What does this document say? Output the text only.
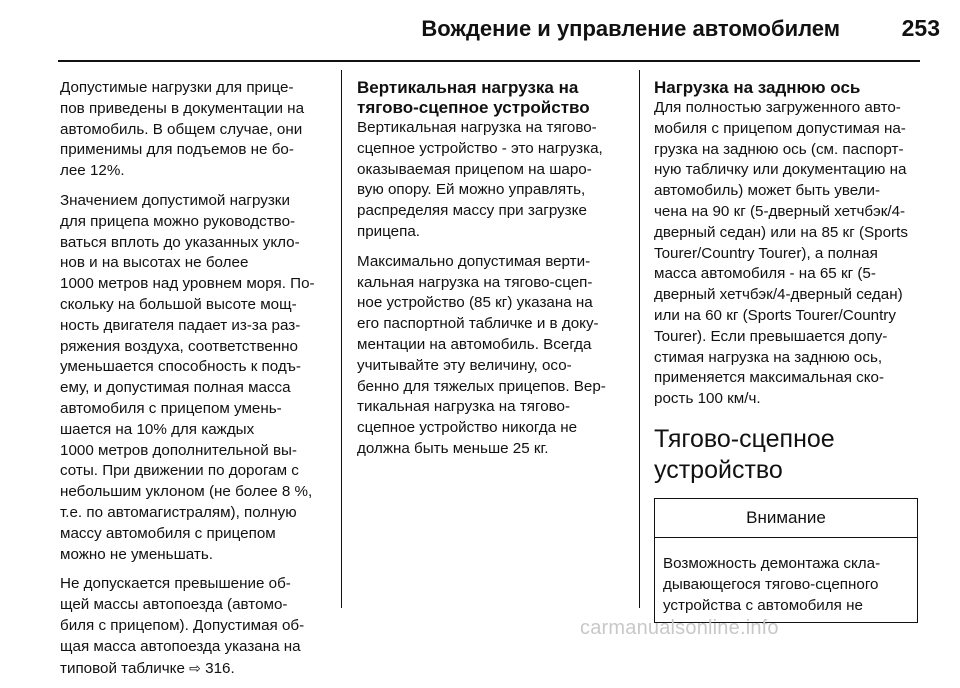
Вождение и управление автомобилем	253

Допустимые нагрузки для прице-
пов приведены в документации на
автомобиль. В общем случае, они
применимы для подъемов не бо-
лее 12%.

Значением допустимой нагрузки
для прицепа можно руководство-
ваться вплоть до указанных укло-
нов и на высотах не более
1000 метров над уровнем моря. По-
скольку на большой высоте мощ-
ность двигателя падает из-за раз-
ряжения воздуха, соответственно
уменьшается способность к подъ-
ему, и допустимая полная масса
автомобиля с прицепом умень-
шается на 10% для каждых
1000 метров дополнительной вы-
соты. При движении по дорогам с
небольшим уклоном (не более 8 %,
т.е. по автомагистралям), полную
массу автомобиля с прицепом
можно не уменьшать.

Не допускается превышение об-
щей массы автопоезда (автомо-
биля с прицепом). Допустимая об-
щая масса автопоезда указана на
типовой табличке ⇨ 316.

Вертикальная нагрузка на
тягово-сцепное устройство

Вертикальная нагрузка на тягово-
сцепное устройство - это нагрузка,
оказываемая прицепом на шаро-
вую опору. Ей можно управлять,
распределяя массу при загрузке
прицепа.

Максимально допустимая верти-
кальная нагрузка на тягово-сцеп-
ное устройство (85 кг) указана на
его паспортной табличке и в доку-
ментации на автомобиль. Всегда
учитывайте эту величину, осо-
бенно для тяжелых прицепов. Вер-
тикальная нагрузка на тягово-
сцепное устройство никогда не
должна быть меньше 25 кг.

Нагрузка на заднюю ось

Для полностью загруженного авто-
мобиля с прицепом допустимая на-
грузка на заднюю ось (см. паспорт-
ную табличку или документацию на
автомобиль) может быть увели-
чена на 90 кг (5-дверный хетчбэк/4-
дверный седан) или на 85 кг (Sports
Tourer/Country Tourer), а полная
масса автомобиля - на 65 кг (5-
дверный хетчбэк/4-дверный седан)
или на 60 кг (Sports Tourer/Country
Tourer). Если превышается допу-
стимая нагрузка на заднюю ось,
применяется максимальная ско-
рость 100 км/ч.

Тягово-сцепное
устройство
Внимание
Возможность демонтажа скла-
дывающегося тягово-сцепного
устройства с автомобиля не
carmanualsonline.info
